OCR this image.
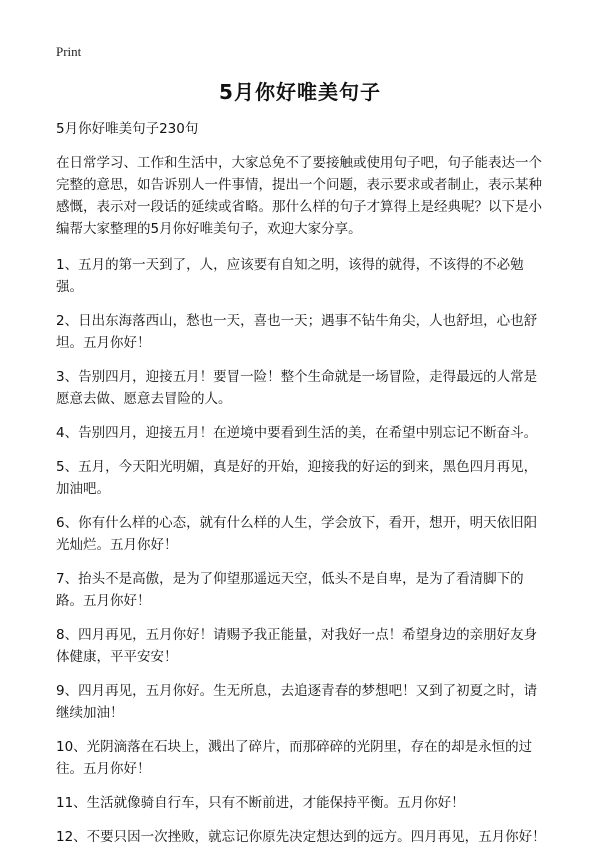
Print
5月你好唯美句子

5月你好唯美句子230句

在日常学习、工作和生活中，大家总免不了要接触或使用句子吧，句子能表达一个完整的意思，如告诉别人一件事情，提出一个问题，表示要求或者制止，表示某种感慨，表示对一段话的延续或省略。那什么样的句子才算得上是经典呢？以下是小编帮大家整理的5月你好唯美句子，欢迎大家分享。

1、五月的第一天到了，人，应该要有自知之明，该得的就得，不该得的不必勉强。

2、日出东海落西山，愁也一天，喜也一天；遇事不钻牛角尖，人也舒坦，心也舒坦。五月你好！

3、告别四月，迎接五月！要冒一险！整个生命就是一场冒险，走得最远的人常是愿意去做、愿意去冒险的人。

4、告别四月，迎接五月！在逆境中要看到生活的美，在希望中别忘记不断奋斗。

5、五月，今天阳光明媚，真是好的开始，迎接我的好运的到来，黑色四月再见，加油吧。

6、你有什么样的心态，就有什么样的人生，学会放下，看开，想开，明天依旧阳光灿烂。五月你好！

7、抬头不是高傲，是为了仰望那遥远天空，低头不是自卑，是为了看清脚下的路。五月你好！

8、四月再见，五月你好！请赐予我正能量，对我好一点！希望身边的亲朋好友身体健康，平平安安！

9、四月再见，五月你好。生无所息，去追逐青春的梦想吧！又到了初夏之时，请继续加油！

10、光阴滴落在石块上，溅出了碎片，而那碎碎的光阴里，存在的却是永恒的过往。五月你好！

11、生活就像骑自行车，只有不断前进，才能保持平衡。五月你好！

12、不要只因一次挫败，就忘记你原先决定想达到的远方。四月再见，五月你好！
